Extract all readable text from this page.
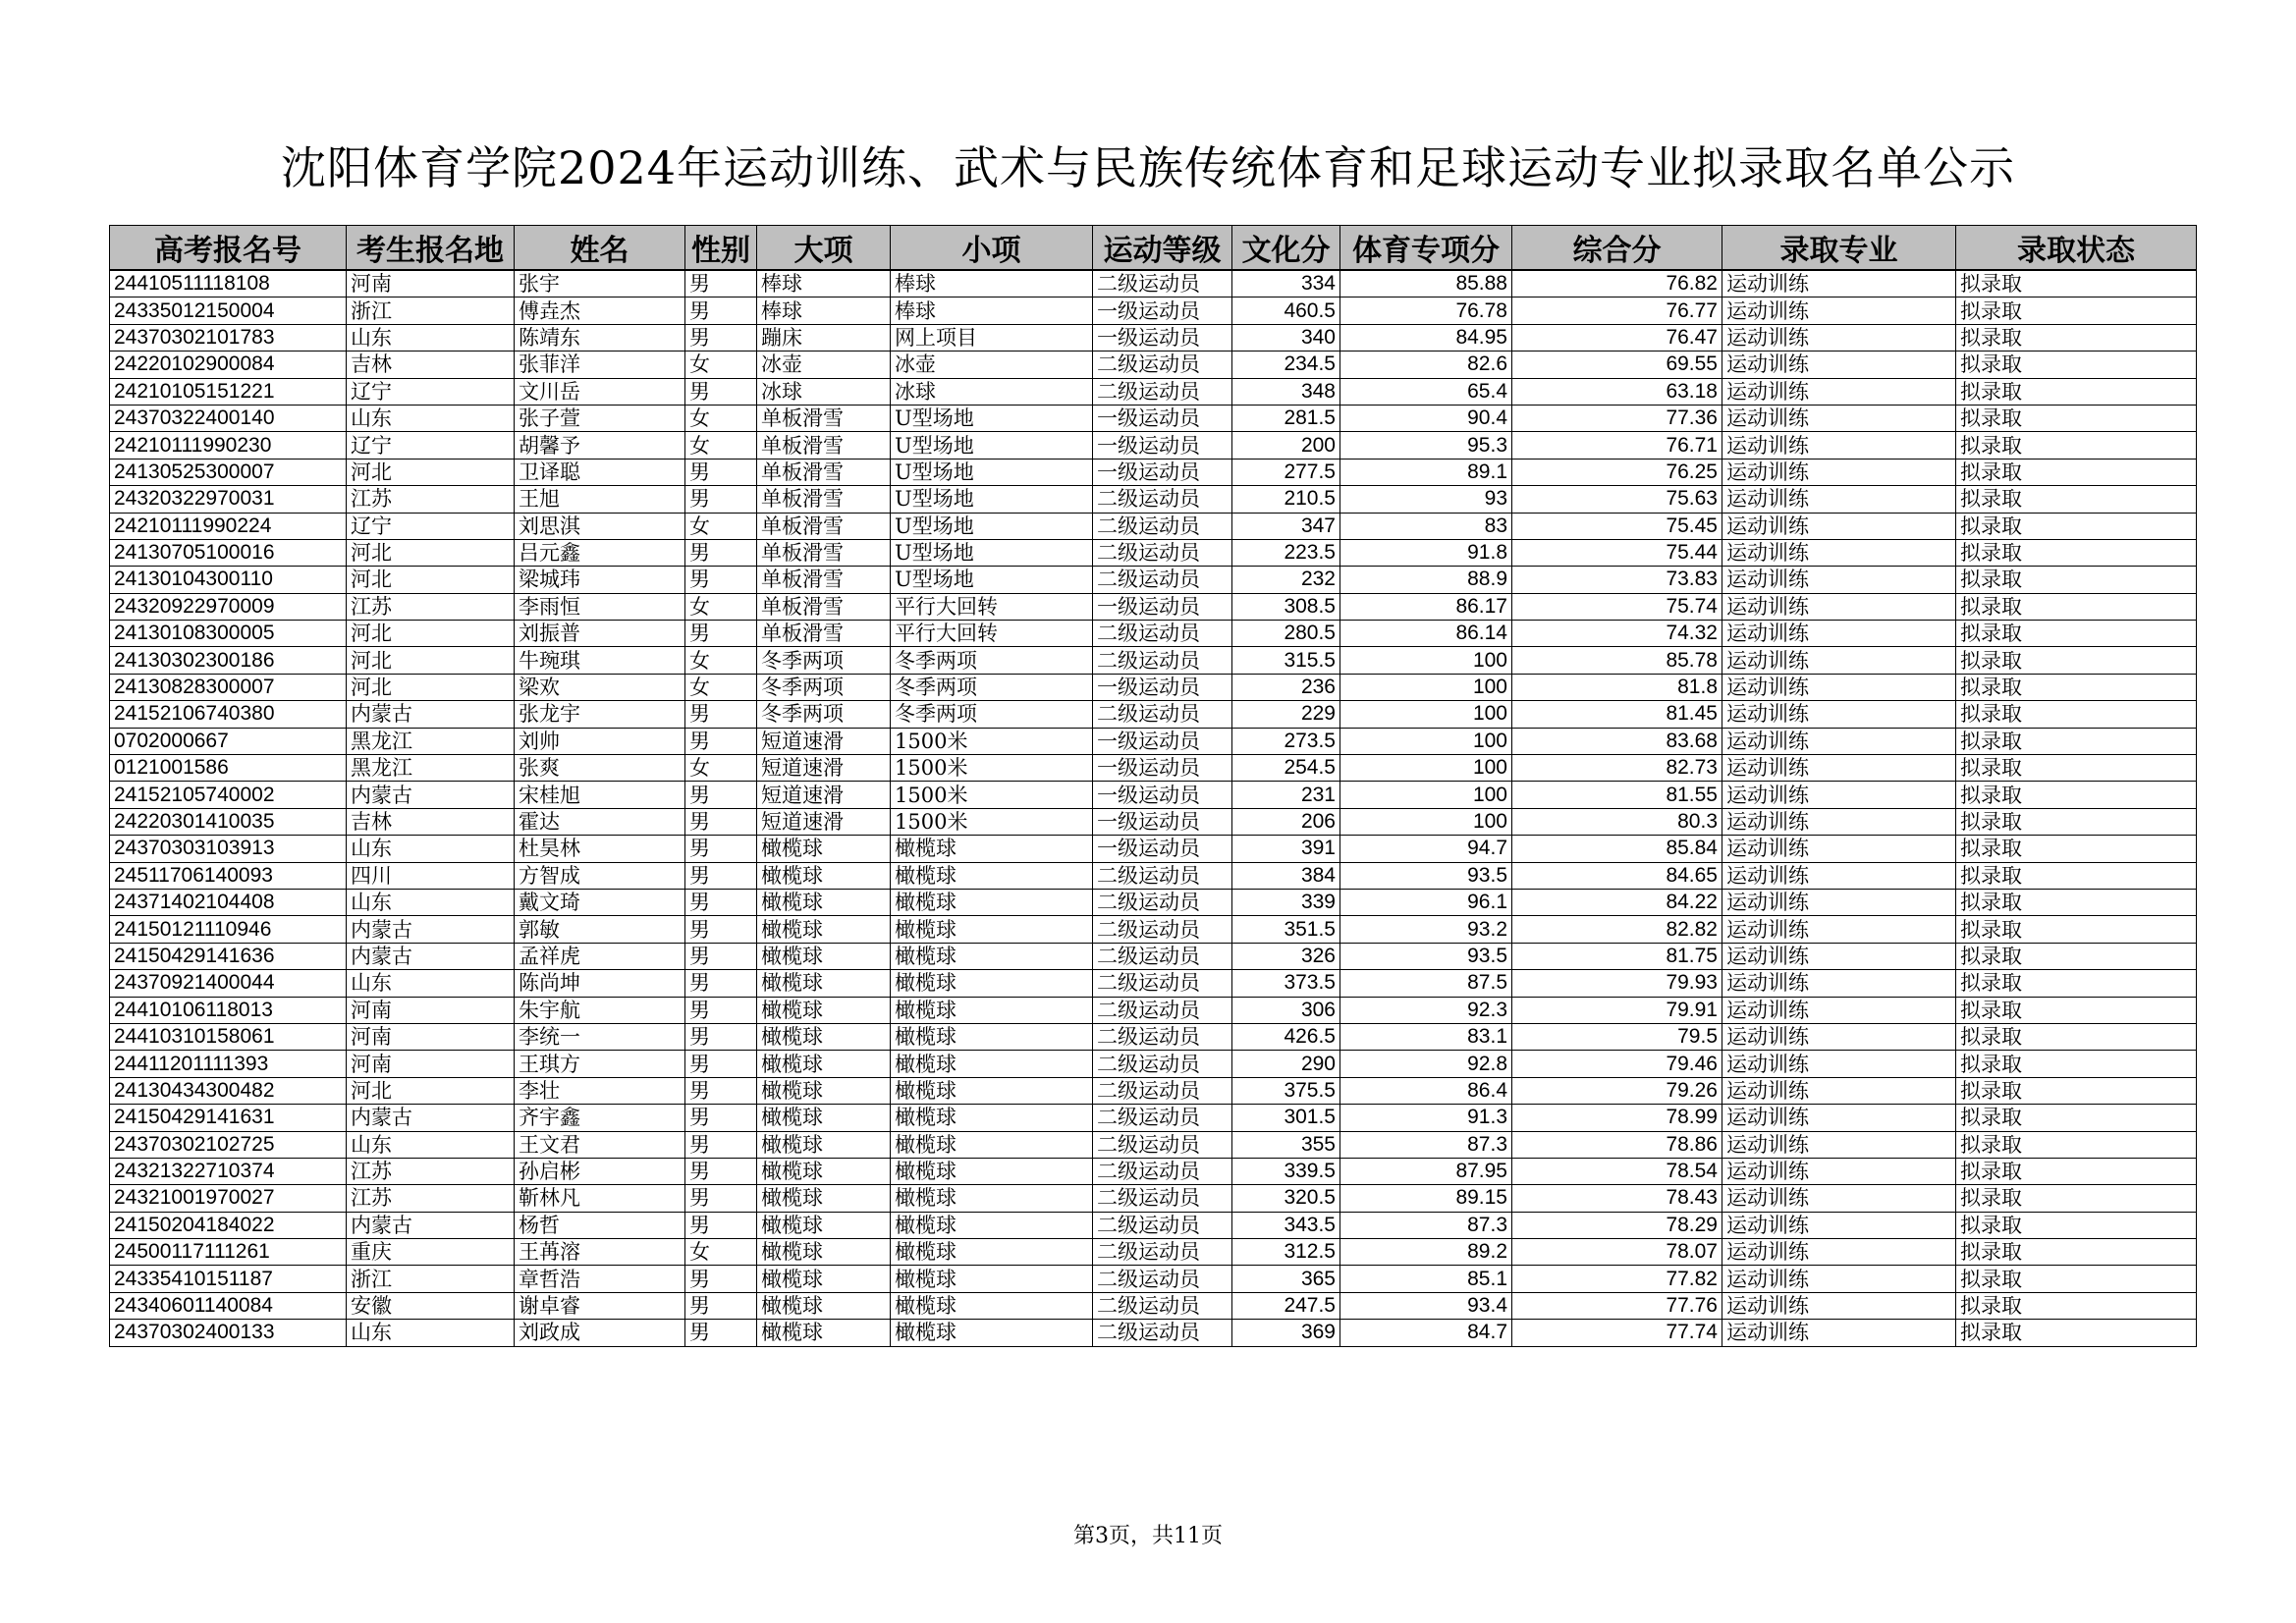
沈阳体育学院2024年运动训练、武术与民族传统体育和足球运动专业拟录取名单公示
高考报名号	考生报名地	姓名	性别	大项	小项	运动等级	文化分	体育专项分	综合分	录取专业	录取状态
24410511118108	河南	张宇	男	棒球	棒球	二级运动员	334	85.88	76.82	运动训练	拟录取
24335012150004	浙江	傅垚杰	男	棒球	棒球	一级运动员	460.5	76.78	76.77	运动训练	拟录取
24370302101783	山东	陈靖东	男	蹦床	网上项目	一级运动员	340	84.95	76.47	运动训练	拟录取
24220102900084	吉林	张菲洋	女	冰壶	冰壶	二级运动员	234.5	82.6	69.55	运动训练	拟录取
24210105151221	辽宁	文川岳	男	冰球	冰球	二级运动员	348	65.4	63.18	运动训练	拟录取
24370322400140	山东	张子萱	女	单板滑雪	U型场地	一级运动员	281.5	90.4	77.36	运动训练	拟录取
24210111990230	辽宁	胡馨予	女	单板滑雪	U型场地	一级运动员	200	95.3	76.71	运动训练	拟录取
24130525300007	河北	卫译聪	男	单板滑雪	U型场地	一级运动员	277.5	89.1	76.25	运动训练	拟录取
24320322970031	江苏	王旭	男	单板滑雪	U型场地	二级运动员	210.5	93	75.63	运动训练	拟录取
24210111990224	辽宁	刘思淇	女	单板滑雪	U型场地	二级运动员	347	83	75.45	运动训练	拟录取
24130705100016	河北	吕元鑫	男	单板滑雪	U型场地	二级运动员	223.5	91.8	75.44	运动训练	拟录取
24130104300110	河北	梁城玮	男	单板滑雪	U型场地	二级运动员	232	88.9	73.83	运动训练	拟录取
24320922970009	江苏	李雨恒	女	单板滑雪	平行大回转	一级运动员	308.5	86.17	75.74	运动训练	拟录取
24130108300005	河北	刘振普	男	单板滑雪	平行大回转	二级运动员	280.5	86.14	74.32	运动训练	拟录取
24130302300186	河北	牛琬琪	女	冬季两项	冬季两项	二级运动员	315.5	100	85.78	运动训练	拟录取
24130828300007	河北	梁欢	女	冬季两项	冬季两项	一级运动员	236	100	81.8	运动训练	拟录取
24152106740380	内蒙古	张龙宇	男	冬季两项	冬季两项	二级运动员	229	100	81.45	运动训练	拟录取
0702000667	黑龙江	刘帅	男	短道速滑	1500米	一级运动员	273.5	100	83.68	运动训练	拟录取
0121001586	黑龙江	张爽	女	短道速滑	1500米	一级运动员	254.5	100	82.73	运动训练	拟录取
24152105740002	内蒙古	宋桂旭	男	短道速滑	1500米	一级运动员	231	100	81.55	运动训练	拟录取
24220301410035	吉林	霍达	男	短道速滑	1500米	一级运动员	206	100	80.3	运动训练	拟录取
24370303103913	山东	杜昊林	男	橄榄球	橄榄球	一级运动员	391	94.7	85.84	运动训练	拟录取
24511706140093	四川	方智成	男	橄榄球	橄榄球	二级运动员	384	93.5	84.65	运动训练	拟录取
24371402104408	山东	戴文琦	男	橄榄球	橄榄球	二级运动员	339	96.1	84.22	运动训练	拟录取
24150121110946	内蒙古	郭敏	男	橄榄球	橄榄球	二级运动员	351.5	93.2	82.82	运动训练	拟录取
24150429141636	内蒙古	孟祥虎	男	橄榄球	橄榄球	二级运动员	326	93.5	81.75	运动训练	拟录取
24370921400044	山东	陈尚坤	男	橄榄球	橄榄球	二级运动员	373.5	87.5	79.93	运动训练	拟录取
24410106118013	河南	朱宇航	男	橄榄球	橄榄球	二级运动员	306	92.3	79.91	运动训练	拟录取
24410310158061	河南	李统一	男	橄榄球	橄榄球	二级运动员	426.5	83.1	79.5	运动训练	拟录取
24411201111393	河南	王琪方	男	橄榄球	橄榄球	二级运动员	290	92.8	79.46	运动训练	拟录取
24130434300482	河北	李壮	男	橄榄球	橄榄球	二级运动员	375.5	86.4	79.26	运动训练	拟录取
24150429141631	内蒙古	齐宇鑫	男	橄榄球	橄榄球	二级运动员	301.5	91.3	78.99	运动训练	拟录取
24370302102725	山东	王文君	男	橄榄球	橄榄球	二级运动员	355	87.3	78.86	运动训练	拟录取
24321322710374	江苏	孙启彬	男	橄榄球	橄榄球	二级运动员	339.5	87.95	78.54	运动训练	拟录取
24321001970027	江苏	靳林凡	男	橄榄球	橄榄球	二级运动员	320.5	89.15	78.43	运动训练	拟录取
24150204184022	内蒙古	杨哲	男	橄榄球	橄榄球	二级运动员	343.5	87.3	78.29	运动训练	拟录取
24500117111261	重庆	王苒溶	女	橄榄球	橄榄球	二级运动员	312.5	89.2	78.07	运动训练	拟录取
24335410151187	浙江	章哲浩	男	橄榄球	橄榄球	二级运动员	365	85.1	77.82	运动训练	拟录取
24340601140084	安徽	谢卓睿	男	橄榄球	橄榄球	二级运动员	247.5	93.4	77.76	运动训练	拟录取
24370302400133	山东	刘政成	男	橄榄球	橄榄球	二级运动员	369	84.7	77.74	运动训练	拟录取
第3页，共11页
